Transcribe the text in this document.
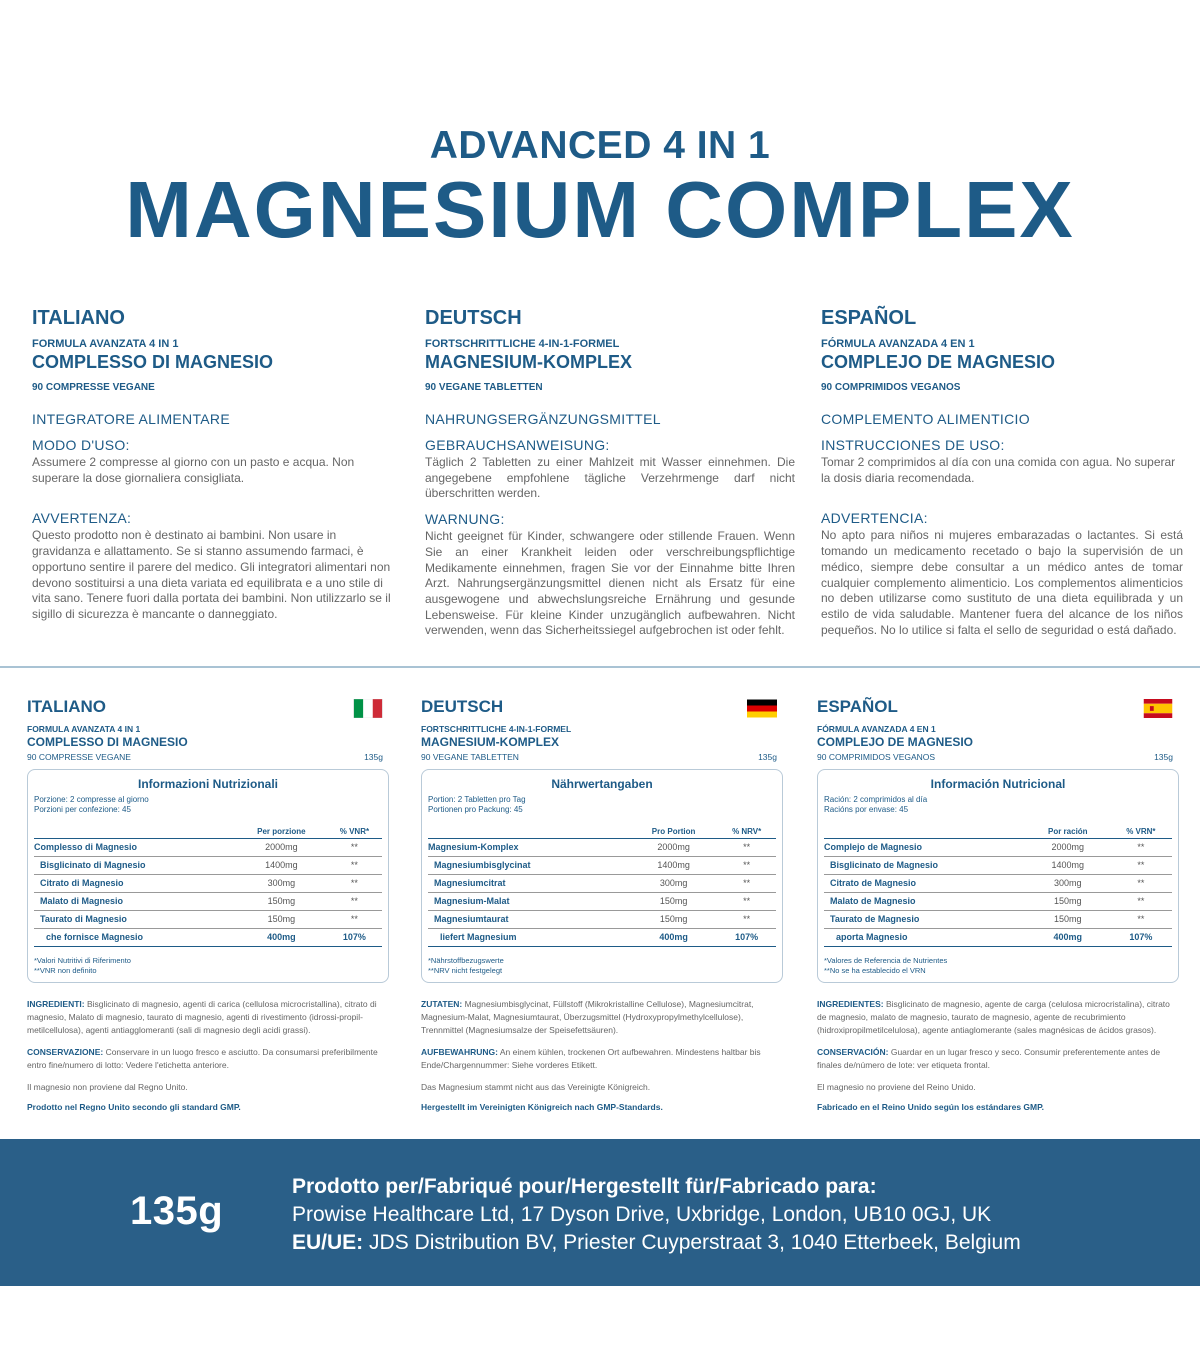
ADVANCED 4 IN 1
MAGNESIUM COMPLEX
ITALIANO
FORMULA AVANZATA 4 IN 1
COMPLESSO DI MAGNESIO
90 COMPRESSE VEGANE
INTEGRATORE ALIMENTARE
MODO D'USO:
Assumere 2 compresse al giorno con un pasto e acqua. Non superare la dose giornaliera consigliata.
AVVERTENZA:
Questo prodotto non è destinato ai bambini. Non usare in gravidanza e allattamento. Se si stanno assumendo farmaci, è opportuno sentire il parere del medico. Gli integratori alimentari non devono sostituirsi a una dieta variata ed equilibrata e a uno stile di vita sano. Tenere fuori dalla portata dei bambini. Non utilizzarlo se il sigillo di sicurezza è mancante o danneggiato.
DEUTSCH
FORTSCHRITTLICHE 4-IN-1-FORMEL
MAGNESIUM-KOMPLEX
90 VEGANE TABLETTEN
NAHRUNGSERGÄNZUNGSMITTEL
GEBRAUCHSANWEISUNG:
Täglich 2 Tabletten zu einer Mahlzeit mit Wasser einnehmen. Die angegebene empfohlene tägliche Verzehrmenge darf nicht überschritten werden.
WARNUNG:
Nicht geeignet für Kinder, schwangere oder stillende Frauen. Wenn Sie an einer Krankheit leiden oder verschreibungspflichtige Medikamente einnehmen, fragen Sie vor der Einnahme bitte Ihren Arzt. Nahrungsergänzungsmittel dienen nicht als Ersatz für eine ausgewogene und abwechslungsreiche Ernährung und gesunde Lebensweise. Für kleine Kinder unzugänglich aufbewahren. Nicht verwenden, wenn das Sicherheitssiegel aufgebrochen ist oder fehlt.
ESPAÑOL
FÓRMULA AVANZADA 4 EN 1
COMPLEJO DE MAGNESIO
90 COMPRIMIDOS VEGANOS
COMPLEMENTO ALIMENTICIO
INSTRUCCIONES DE USO:
Tomar 2 comprimidos al día con una comida con agua. No superar la dosis diaria recomendada.
ADVERTENCIA:
No apto para niños ni mujeres embarazadas o lactantes. Si está tomando un medicamento recetado o bajo la supervisión de un médico, siempre debe consultar a un médico antes de tomar cualquier complemento alimenticio. Los complementos alimenticios no deben utilizarse como sustituto de una dieta equilibrada y un estilo de vida saludable. Mantener fuera del alcance de los niños pequeños. No lo utilice si falta el sello de seguridad o está dañado.
ITALIANO
FORMULA AVANZATA 4 IN 1
COMPLESSO DI MAGNESIO
90 COMPRESSE VEGANE	135g
Informazioni Nutrizionali
Porzione: 2 compresse al giorno
Porzioni per confezione: 45
	Per porzione	% VNR*
Complesso di Magnesio	2000mg	**
Bisglicinato di Magnesio	1400mg	**
Citrato di Magnesio	300mg	**
Malato di Magnesio	150mg	**
Taurato di Magnesio	150mg	**
che fornisce Magnesio	400mg	107%
*Valori Nutritivi di Riferimento
**VNR non definito
INGREDIENTI: Bisglicinato di magnesio, agenti di carica (cellulosa microcristallina), citrato di magnesio, Malato di magnesio, taurato di magnesio, agenti di rivestimento (idrossi-propil-metilcellulosa), agenti antiagglomeranti (sali di magnesio degli acidi grassi).
CONSERVAZIONE: Conservare in un luogo fresco e asciutto. Da consumarsi preferibilmente entro fine/numero di lotto: Vedere l'etichetta anteriore.
Il magnesio non proviene dal Regno Unito.
Prodotto nel Regno Unito secondo gli standard GMP.
DEUTSCH
FORTSCHRITTLICHE 4-IN-1-FORMEL
MAGNESIUM-KOMPLEX
90 VEGANE TABLETTEN	135g
Nährwertangaben
Portion: 2 Tabletten pro Tag
Portionen pro Packung: 45
	Pro Portion	% NRV*
Magnesium-Komplex	2000mg	**
Magnesiumbisglycinat	1400mg	**
Magnesiumcitrat	300mg	**
Magnesium-Malat	150mg	**
Magnesiumtaurat	150mg	**
liefert Magnesium	400mg	107%
*Nährstoffbezugswerte
**NRV nicht festgelegt
ZUTATEN: Magnesiumbisglycinat, Füllstoff (Mikrokristalline Cellulose), Magnesiumcitrat, Magnesium-Malat, Magnesiumtaurat, Überzugsmittel (Hydroxypropylmethylcellulose), Trennmittel (Magnesiumsalze der Speisefettsäuren).
AUFBEWAHRUNG: An einem kühlen, trockenen Ort aufbewahren. Mindestens haltbar bis Ende/Chargennummer: Siehe vorderes Etikett.
Das Magnesium stammt nicht aus das Vereinigte Königreich.
Hergestellt im Vereinigten Königreich nach GMP-Standards.
ESPAÑOL
FÓRMULA AVANZADA 4 EN 1
COMPLEJO DE MAGNESIO
90 COMPRIMIDOS VEGANOS	135g
Información Nutricional
Ración: 2 comprimidos al día
Racións por envase: 45
	Por ración	% VRN*
Complejo de Magnesio	2000mg	**
Bisglicinato de Magnesio	1400mg	**
Citrato de Magnesio	300mg	**
Malato de Magnesio	150mg	**
Taurato de Magnesio	150mg	**
aporta Magnesio	400mg	107%
*Valores de Referencia de Nutrientes
**No se ha establecido el VRN
INGREDIENTES: Bisglicinato de magnesio, agente de carga (celulosa microcristalina), citrato de magnesio, malato de magnesio, taurato de magnesio, agente de recubrimiento (hidroxipropilmetilcelulosa), agente antiaglomerante (sales magnésicas de ácidos grasos).
CONSERVACIÓN: Guardar en un lugar fresco y seco. Consumir preferentemente antes de finales de/número de lote: ver etiqueta frontal.
El magnesio no proviene del Reino Unido.
Fabricado en el Reino Unido según los estándares GMP.
135g
Prodotto per/Fabriqué pour/Hergestellt für/Fabricado para:
Prowise Healthcare Ltd, 17 Dyson Drive, Uxbridge, London, UB10 0GJ, UK
EU/UE: JDS Distribution BV, Priester Cuyperstraat 3, 1040 Etterbeek, Belgium
